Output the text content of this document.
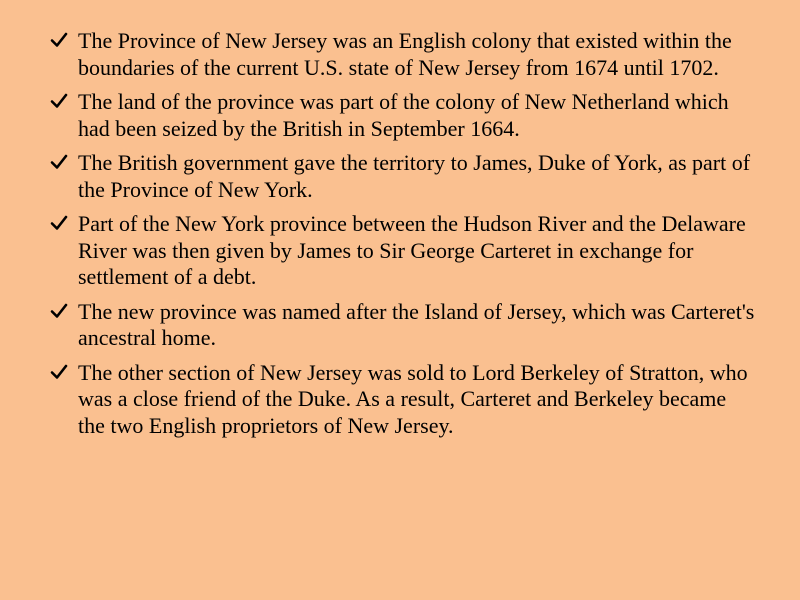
The Province of New Jersey was an English colony that existed within the boundaries of the current U.S. state of New Jersey from 1674 until 1702.
The land of the province was part of the colony of New Netherland which had been seized by the British in September 1664.
The British government gave the territory to James, Duke of York, as part of the Province of New York.
Part of the New York province between the Hudson River and the Delaware River was then given by James to Sir George Carteret in exchange for settlement of a debt.
The new province was named after the Island of Jersey, which was Carteret's ancestral home.
The other section of New Jersey was sold to Lord Berkeley of Stratton, who was a close friend of the Duke. As a result, Carteret and Berkeley became the two English proprietors of New Jersey.
